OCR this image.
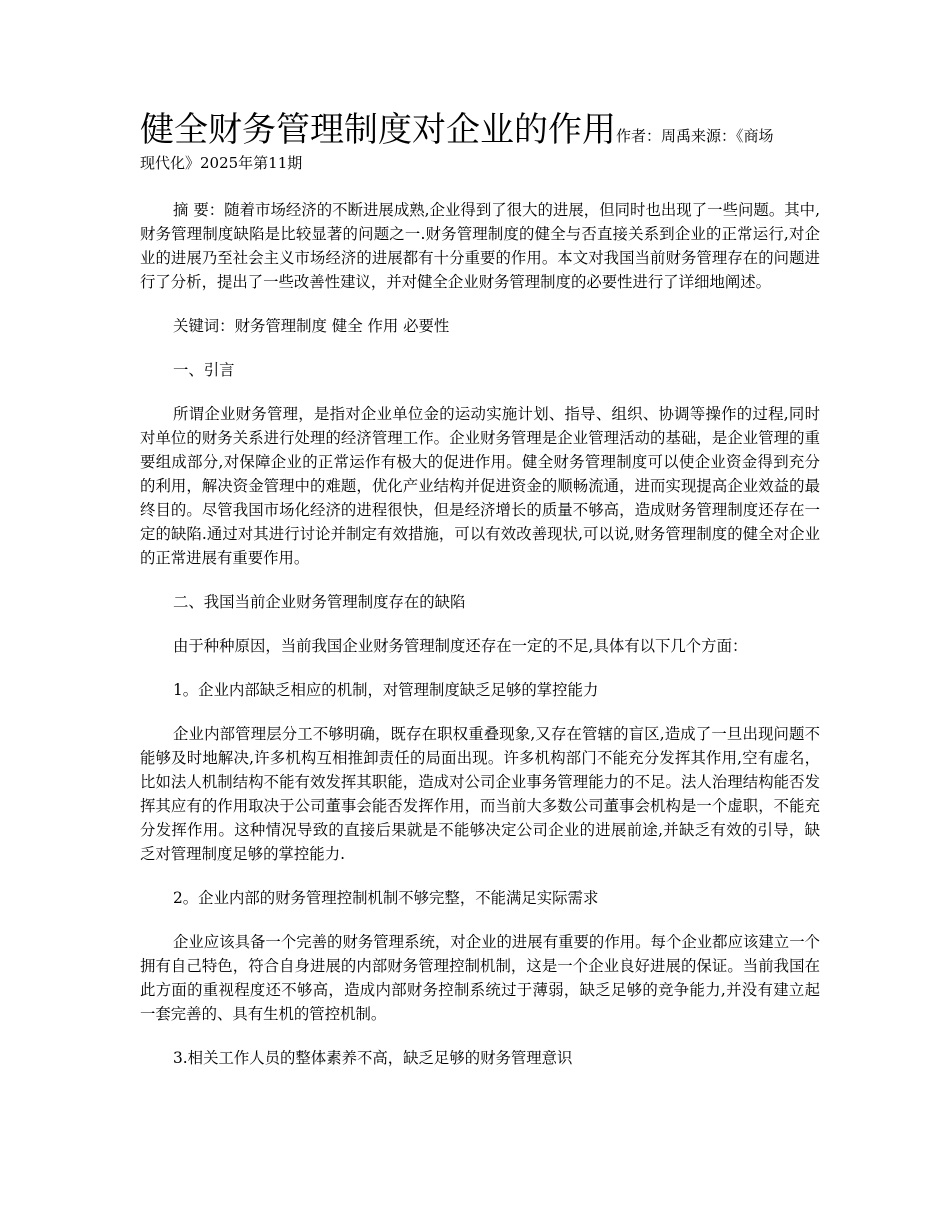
健全财务管理制度对企业的作用作者：周禹来源：《商场
现代化》2025年第11期

摘 要：随着市场经济的不断进展成熟,企业得到了很大的进展，但同时也出现了一些问题。其中,财务管理制度缺陷是比较显著的问题之一.财务管理制度的健全与否直接关系到企业的正常运行,对企业的进展乃至社会主义市场经济的进展都有十分重要的作用。本文对我国当前财务管理存在的问题进行了分析，提出了一些改善性建议，并对健全企业财务管理制度的必要性进行了详细地阐述。

关键词：财务管理制度 健全 作用 必要性

一、引言

所谓企业财务管理，是指对企业单位金的运动实施计划、指导、组织、协调等操作的过程,同时对单位的财务关系进行处理的经济管理工作。企业财务管理是企业管理活动的基础，是企业管理的重要组成部分,对保障企业的正常运作有极大的促进作用。健全财务管理制度可以使企业资金得到充分的利用，解决资金管理中的难题，优化产业结构并促进资金的顺畅流通，进而实现提高企业效益的最终目的。尽管我国市场化经济的进程很快，但是经济增长的质量不够高，造成财务管理制度还存在一定的缺陷.通过对其进行讨论并制定有效措施，可以有效改善现状,可以说,财务管理制度的健全对企业的正常进展有重要作用。

二、我国当前企业财务管理制度存在的缺陷

由于种种原因，当前我国企业财务管理制度还存在一定的不足,具体有以下几个方面：

1。企业内部缺乏相应的机制，对管理制度缺乏足够的掌控能力

企业内部管理层分工不够明确，既存在职权重叠现象,又存在管辖的盲区,造成了一旦出现问题不能够及时地解决,许多机构互相推卸责任的局面出现。许多机构部门不能充分发挥其作用,空有虚名，比如法人机制结构不能有效发挥其职能，造成对公司企业事务管理能力的不足。法人治理结构能否发挥其应有的作用取决于公司董事会能否发挥作用，而当前大多数公司董事会机构是一个虚职，不能充分发挥作用。这种情况导致的直接后果就是不能够决定公司企业的进展前途,并缺乏有效的引导，缺乏对管理制度足够的掌控能力.

2。企业内部的财务管理控制机制不够完整，不能满足实际需求

企业应该具备一个完善的财务管理系统，对企业的进展有重要的作用。每个企业都应该建立一个拥有自己特色，符合自身进展的内部财务管理控制机制，这是一个企业良好进展的保证。当前我国在此方面的重视程度还不够高，造成内部财务控制系统过于薄弱，缺乏足够的竞争能力,并没有建立起一套完善的、具有生机的管控机制。

3.相关工作人员的整体素养不高，缺乏足够的财务管理意识
